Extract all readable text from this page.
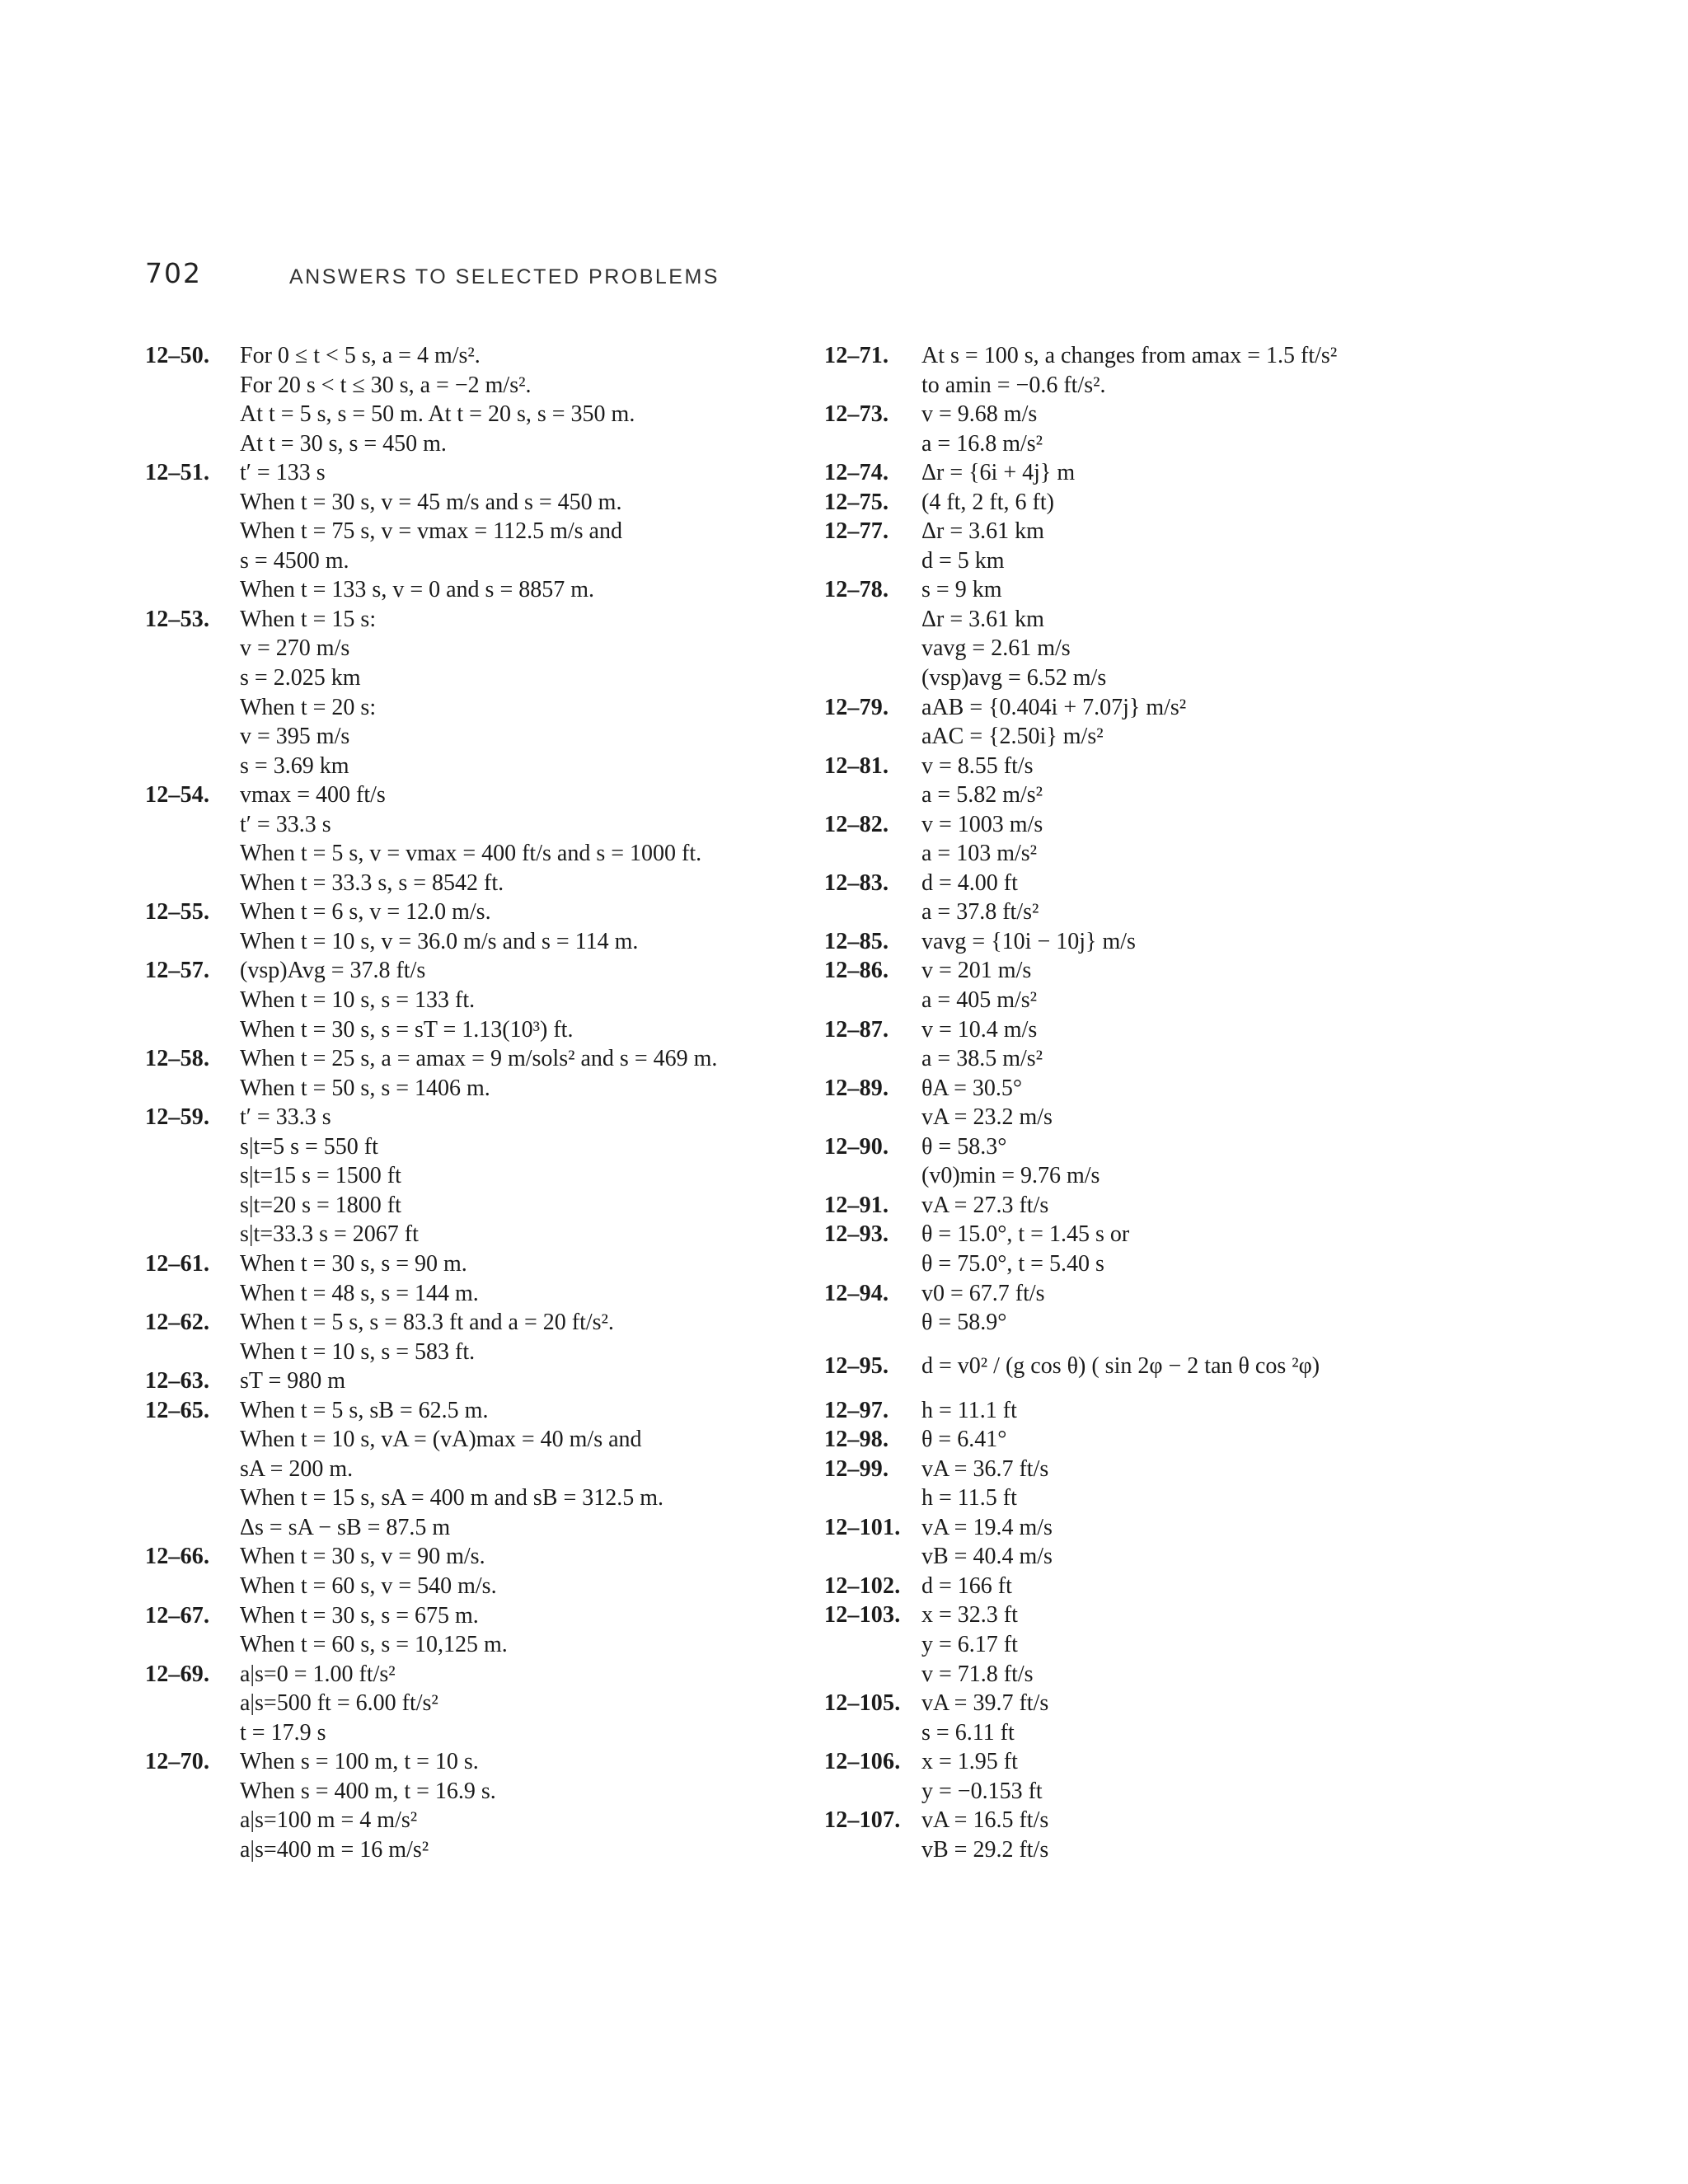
702	ANSWERS TO SELECTED PROBLEMS
12–50.	For 0 ≤ t < 5 s, a = 4 m/s².
For 20 s < t ≤ 30 s, a = −2 m/s².
At t = 5 s, s = 50 m. At t = 20 s, s = 350 m.
At t = 30 s, s = 450 m.
12–51.	t′ = 133 s
When t = 30 s, v = 45 m/s and s = 450 m.
When t = 75 s, v = vmax = 112.5 m/s and
s = 4500 m.
When t = 133 s, v = 0 and s = 8857 m.
12–53.	When t = 15 s:
v = 270 m/s
s = 2.025 km
When t = 20 s:
v = 395 m/s
s = 3.69 km
12–54.	vmax = 400 ft/s
t′ = 33.3 s
When t = 5 s, v = vmax = 400 ft/s and s = 1000 ft.
When t = 33.3 s, s = 8542 ft.
12–55.	When t = 6 s, v = 12.0 m/s.
When t = 10 s, v = 36.0 m/s and s = 114 m.
12–57.	(vsp)Avg = 37.8 ft/s
When t = 10 s, s = 133 ft.
When t = 30 s, s = sT = 1.13(10³) ft.
12–58.	When t = 25 s, a = amax = 9 m/sols² and s = 469 m.
When t = 50 s, s = 1406 m.
12–59.	t′ = 33.3 s
s|t=5 s = 550 ft
s|t=15 s = 1500 ft
s|t=20 s = 1800 ft
s|t=33.3 s = 2067 ft
12–61.	When t = 30 s, s = 90 m.
When t = 48 s, s = 144 m.
12–62.	When t = 5 s, s = 83.3 ft and a = 20 ft/s².
When t = 10 s, s = 583 ft.
12–63.	sT = 980 m
12–65.	When t = 5 s, sB = 62.5 m.
When t = 10 s, vA = (vA)max = 40 m/s and
sA = 200 m.
When t = 15 s, sA = 400 m and sB = 312.5 m.
Δs = sA − sB = 87.5 m
12–66.	When t = 30 s, v = 90 m/s.
When t = 60 s, v = 540 m/s.
12–67.	When t = 30 s, s = 675 m.
When t = 60 s, s = 10,125 m.
12–69.	a|s=0 = 1.00 ft/s²
a|s=500 ft = 6.00 ft/s²
t = 17.9 s
12–70.	When s = 100 m, t = 10 s.
When s = 400 m, t = 16.9 s.
a|s=100 m = 4 m/s²
a|s=400 m = 16 m/s²
12–71.	At s = 100 s, a changes from amax = 1.5 ft/s²
to amin = −0.6 ft/s².
12–73.	v = 9.68 m/s
a = 16.8 m/s²
12–74.	Δr = {6i + 4j} m
12–75.	(4 ft, 2 ft, 6 ft)
12–77.	Δr = 3.61 km
d = 5 km
12–78.	s = 9 km
Δr = 3.61 km
vavg = 2.61 m/s
(vsp)avg = 6.52 m/s
12–79.	aAB = {0.404i + 7.07j} m/s²
aAC = {2.50i} m/s²
12–81.	v = 8.55 ft/s
a = 5.82 m/s²
12–82.	v = 1003 m/s
a = 103 m/s²
12–83.	d = 4.00 ft
a = 37.8 ft/s²
12–85.	vavg = {10i − 10j} m/s
12–86.	v = 201 m/s
a = 405 m/s²
12–87.	v = 10.4 m/s
a = 38.5 m/s²
12–89.	θA = 30.5°
vA = 23.2 m/s
12–90.	θ = 58.3°
(v0)min = 9.76 m/s
12–91.	vA = 27.3 ft/s
12–93.	θ = 15.0°, t = 1.45 s or
θ = 75.0°, t = 5.40 s
12–94.	v0 = 67.7 ft/s
θ = 58.9°
12–95.	d = v0² / (g cos θ) ( sin 2φ − 2 tan θ cos ²φ)
12–97.	h = 11.1 ft
12–98.	θ = 6.41°
12–99.	vA = 36.7 ft/s
h = 11.5 ft
12–101. vA = 19.4 m/s
vB = 40.4 m/s
12–102. d = 166 ft
12–103. x = 32.3 ft
y = 6.17 ft
v = 71.8 ft/s
12–105. vA = 39.7 ft/s
s = 6.11 ft
12–106. x = 1.95 ft
y = −0.153 ft
12–107. vA = 16.5 ft/s
vB = 29.2 ft/s
